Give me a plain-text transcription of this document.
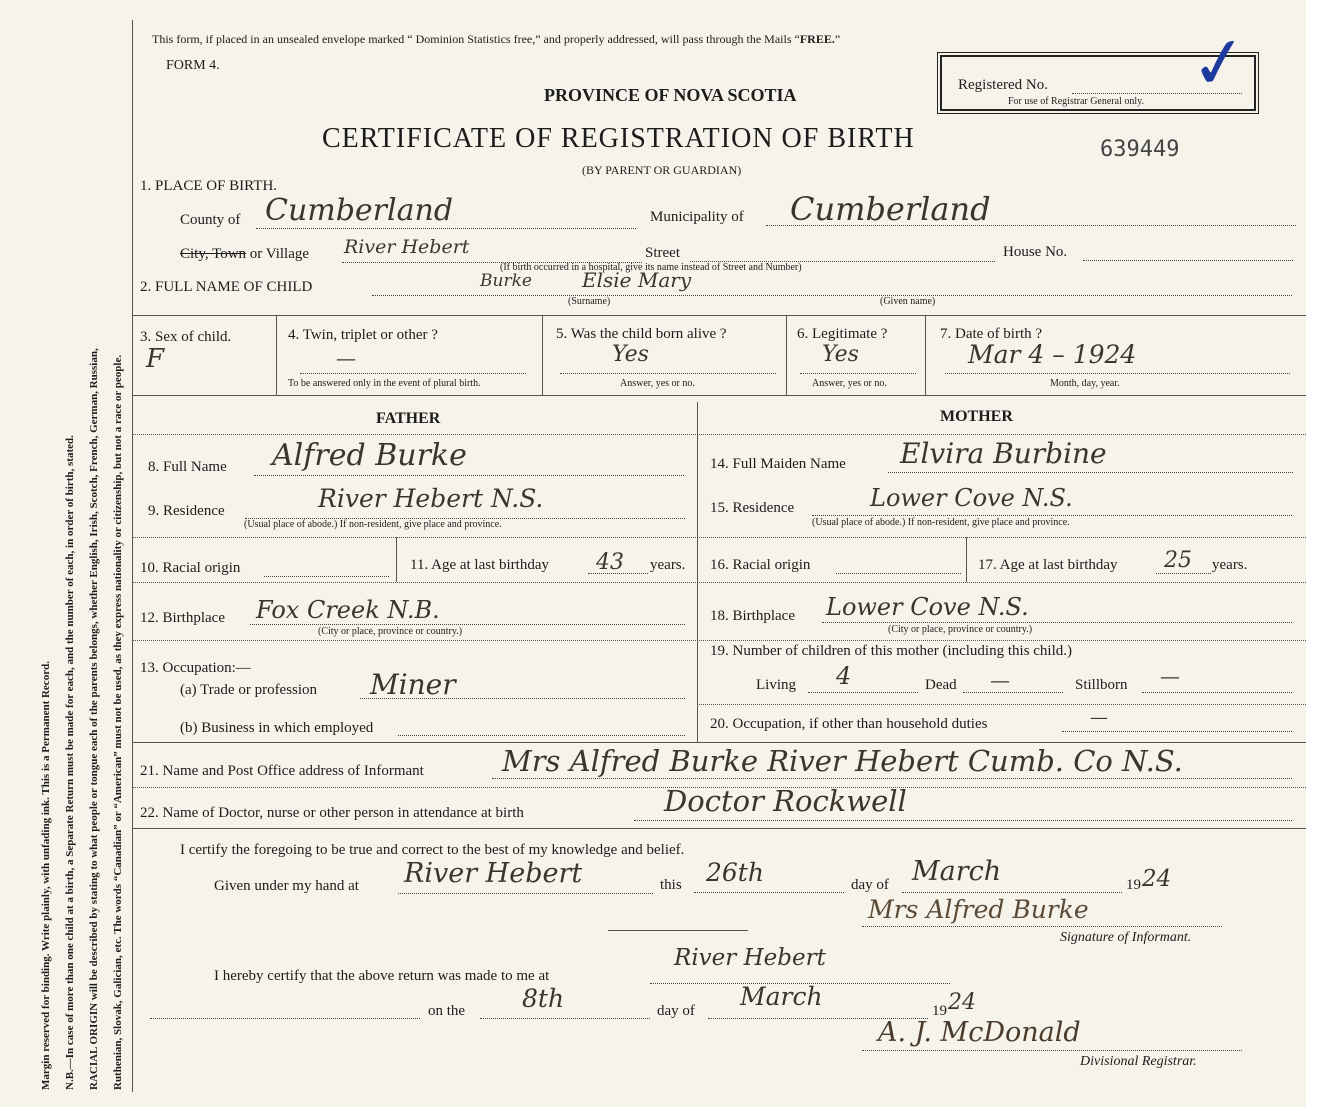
Margin reserved for binding. Write plainly, with unfading ink. This is a Permanent Record. N.B.—In case of more than one child at a birth, a Separate Return must be made for each, and the number of each, in order of birth, stated. RACIAL ORIGIN will be described by stating to what people or tongue each of the parents belongs, whether English, Irish, Scotch, French, German, Russian, Ruthenian, Slovak, Galician, etc. The words “Canadian” or “American” must not be used, as they express nationality or citizenship, but not a race or people.
This form, if placed in an unsealed envelope marked “ Dominion Statistics free,” and properly addressed, will pass through the Mails “FREE.”
FORM 4.
PROVINCE OF NOVA SCOTIA
CERTIFICATE OF REGISTRATION OF BIRTH
(BY PARENT OR GUARDIAN)
Registered No.
For use of Registrar General only. ✓
639449
1. PLACE OF BIRTH.
County of Cumberland	Municipality of Cumberland
City, Town or Village River Hebert	Street	House No.
(If birth occurred in a hospital, give its name instead of Street and Number)
2. FULL NAME OF CHILD	Burke	Elsie Mary
(Surname)	(Given name)
3. Sex of child.
F
4. Twin, triplet or other ?
—
To be answered only in the event of plural birth.
5. Was the child born alive ?
Yes
Answer, yes or no.
6. Legitimate ?
Yes
Answer, yes or no.
7. Date of birth ?
Mar 4 – 1924
Month, day, year.
FATHER	MOTHER
8. Full Name Alfred Burke	14. Full Maiden Name Elvira Burbine
9. Residence	River Hebert N.S.
(Usual place of abode.) If non-resident, give place and province.
15. Residence	Lower Cove N.S.
(Usual place of abode.) If non-resident, give place and province.
10. Racial origin	11. Age at last birthday 43 years. 16. Racial origin	17. Age at last birthday 25 years.
12. Birthplace Fox Creek N.B.
(City or place, province or country.)
18. Birthplace Lower Cove N.S.
(City or place, province or country.)
13. Occupation:—
(a) Trade or profession Miner
19. Number of children of this mother (including this child.)
Living 4	Dead —	Stillborn —
(b) Business in which employed	20. Occupation, if other than household duties	—
21. Name and Post Office address of Informant	Mrs Alfred Burke River Hebert Cumb. Co N.S.
22. Name of Doctor, nurse or other person in attendance at birth	Doctor Rockwell
I certify the foregoing to be true and correct to the best of my knowledge and belief.
Given under my hand at River Hebert	this 26th	day of March	19 24
Mrs Alfred Burke
Signature of Informant.
I hereby certify that the above return was made to me at
River Hebert
on the 8th	day of March	19 24
A. J. McDonald
Divisional Registrar.
